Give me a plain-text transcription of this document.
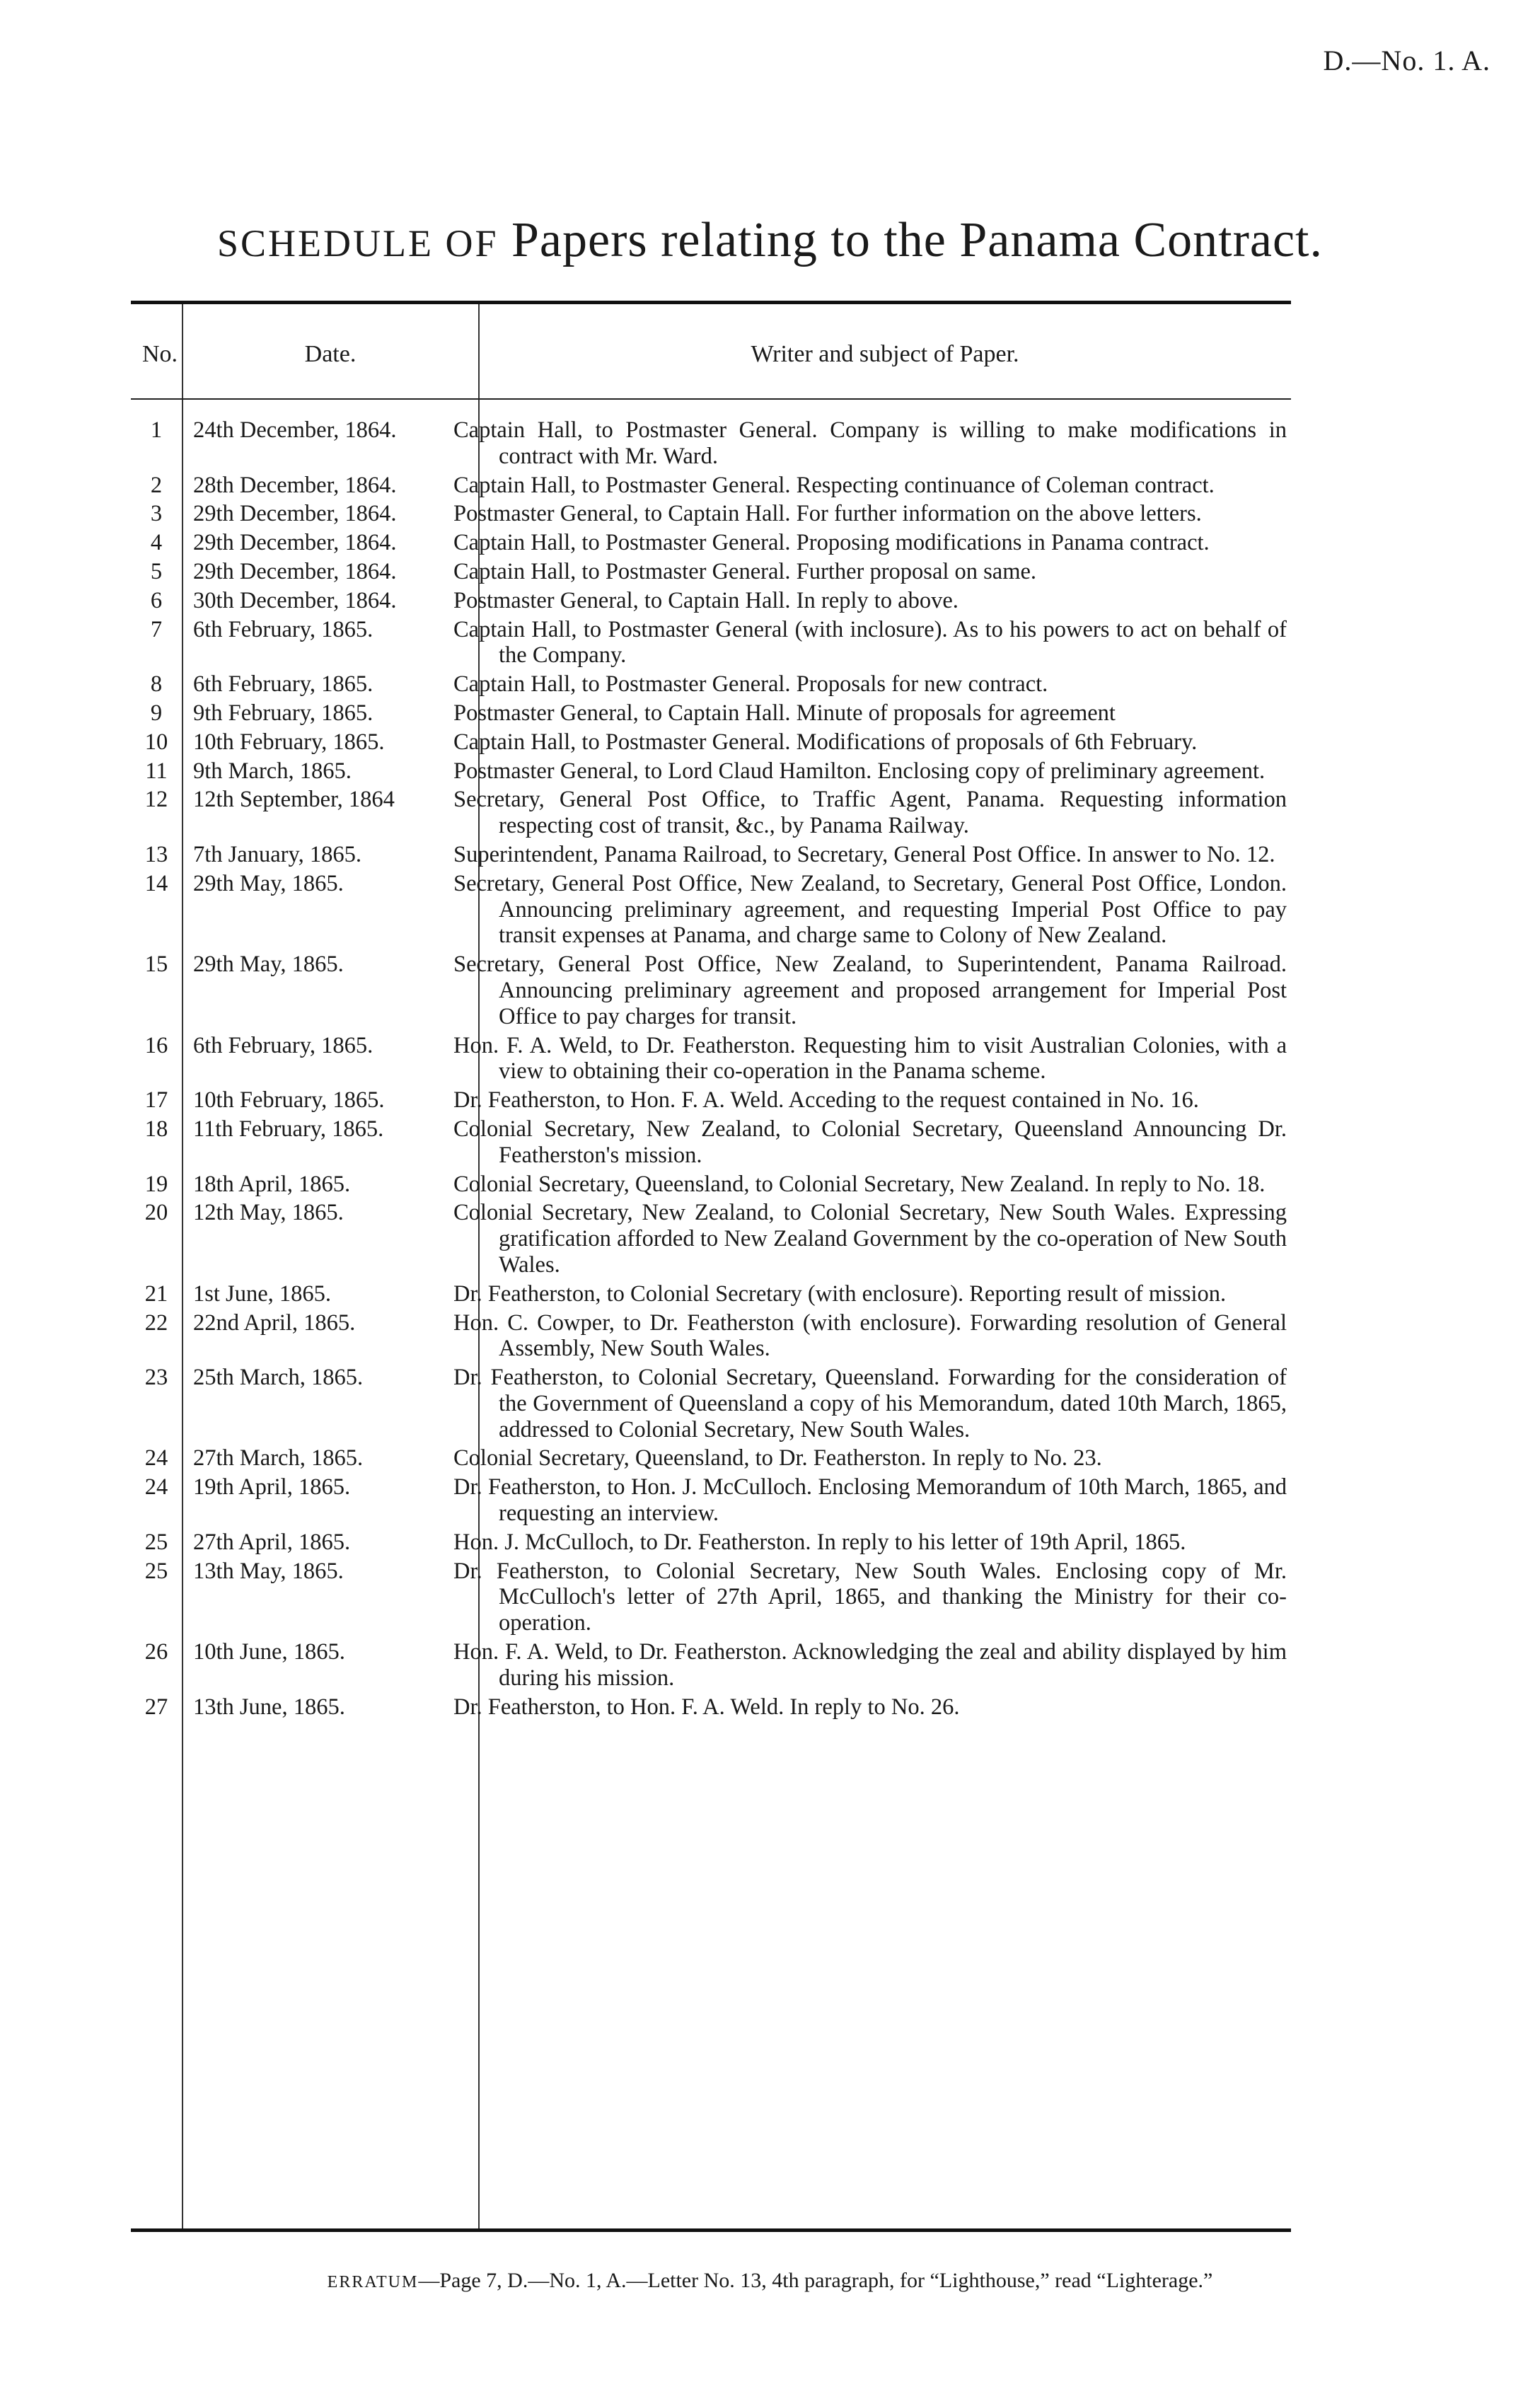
D.—No. 1. A.
SCHEDULE OF Papers relating to the Panama Contract.
No.	Date.	Writer and subject of Paper.
1	24th December, 1864.	Captain Hall, to Postmaster General. Company is willing to make modifications in contract with Mr. Ward.
2	28th December, 1864.	Captain Hall, to Postmaster General. Respecting continuance of Coleman contract.
3	29th December, 1864.	Postmaster General, to Captain Hall. For further information on the above letters.
4	29th December, 1864.	Captain Hall, to Postmaster General. Proposing modifications in Panama contract.
5	29th December, 1864.	Captain Hall, to Postmaster General. Further proposal on same.
6	30th December, 1864.	Postmaster General, to Captain Hall. In reply to above.
7	6th February, 1865.	Captain Hall, to Postmaster General (with inclosure). As to his powers to act on behalf of the Company.
8	6th February, 1865.	Captain Hall, to Postmaster General. Proposals for new contract.
9	9th February, 1865.	Postmaster General, to Captain Hall. Minute of proposals for agreement
10	10th February, 1865.	Captain Hall, to Postmaster General. Modifications of proposals of 6th February.
11	9th March, 1865.	Postmaster General, to Lord Claud Hamilton. Enclosing copy of preliminary agreement.
12	12th September, 1864	Secretary, General Post Office, to Traffic Agent, Panama. Requesting information respecting cost of transit, &c., by Panama Railway.
13	7th January, 1865.	Superintendent, Panama Railroad, to Secretary, General Post Office. In answer to No. 12.
14	29th May, 1865.	Secretary, General Post Office, New Zealand, to Secretary, General Post Office, London. Announcing preliminary agreement, and requesting Imperial Post Office to pay transit expenses at Panama, and charge same to Colony of New Zealand.
15	29th May, 1865.	Secretary, General Post Office, New Zealand, to Superintendent, Panama Railroad. Announcing preliminary agreement and proposed arrangement for Imperial Post Office to pay charges for transit.
16	6th February, 1865.	Hon. F. A. Weld, to Dr. Featherston. Requesting him to visit Australian Colonies, with a view to obtaining their co-operation in the Panama scheme.
17	10th February, 1865.	Dr. Featherston, to Hon. F. A. Weld. Acceding to the request contained in No. 16.
18	11th February, 1865.	Colonial Secretary, New Zealand, to Colonial Secretary, Queensland Announcing Dr. Featherston's mission.
19	18th April, 1865.	Colonial Secretary, Queensland, to Colonial Secretary, New Zealand. In reply to No. 18.
20	12th May, 1865.	Colonial Secretary, New Zealand, to Colonial Secretary, New South Wales. Expressing gratification afforded to New Zealand Government by the co-operation of New South Wales.
21	1st June, 1865.	Dr. Featherston, to Colonial Secretary (with enclosure). Reporting result of mission.
22	22nd April, 1865.	Hon. C. Cowper, to Dr. Featherston (with enclosure). Forwarding resolution of General Assembly, New South Wales.
23	25th March, 1865.	Dr. Featherston, to Colonial Secretary, Queensland. Forwarding for the consideration of the Government of Queensland a copy of his Memorandum, dated 10th March, 1865, addressed to Colonial Secretary, New South Wales.
24	27th March, 1865.	Colonial Secretary, Queensland, to Dr. Featherston. In reply to No. 23.
24	19th April, 1865.	Dr. Featherston, to Hon. J. McCulloch. Enclosing Memorandum of 10th March, 1865, and requesting an interview.
25	27th April, 1865.	Hon. J. McCulloch, to Dr. Featherston. In reply to his letter of 19th April, 1865.
25	13th May, 1865.	Dr. Featherston, to Colonial Secretary, New South Wales. Enclosing copy of Mr. McCulloch's letter of 27th April, 1865, and thanking the Ministry for their co-operation.
26	10th June, 1865.	Hon. F. A. Weld, to Dr. Featherston. Acknowledging the zeal and ability displayed by him during his mission.
27	13th June, 1865.	Dr. Featherston, to Hon. F. A. Weld. In reply to No. 26.
ERRATUM—Page 7, D.—No. 1, A.—Letter No. 13, 4th paragraph, for “Lighthouse,” read “Lighterage.”
